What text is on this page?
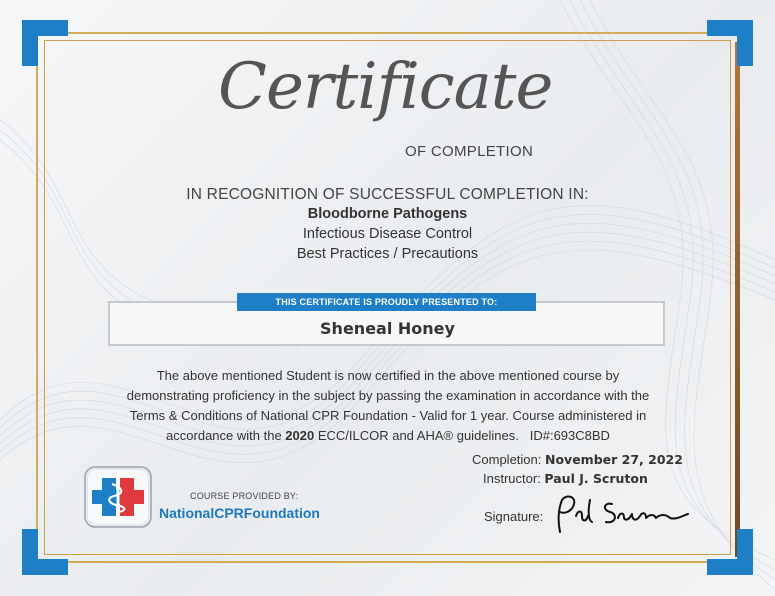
Certificate
OF COMPLETION
IN RECOGNITION OF SUCCESSFUL COMPLETION IN:
Bloodborne Pathogens
Infectious Disease Control
Best Practices / Precautions
THIS CERTIFICATE IS PROUDLY PRESENTED TO:
Sheneal Honey
The above mentioned Student is now certified in the above mentioned course by
demonstrating proficiency in the subject by passing the examination in accordance with the
Terms & Conditions of National CPR Foundation - Valid for 1 year. Course administered in
accordance with the 2020 ECC/ILCOR and AHA® guidelines. ID#:693C8BD
Completion: November 27, 2022
Instructor: Paul J. Scruton
Signature:
COURSE PROVIDED BY:
NationalCPRFoundation
